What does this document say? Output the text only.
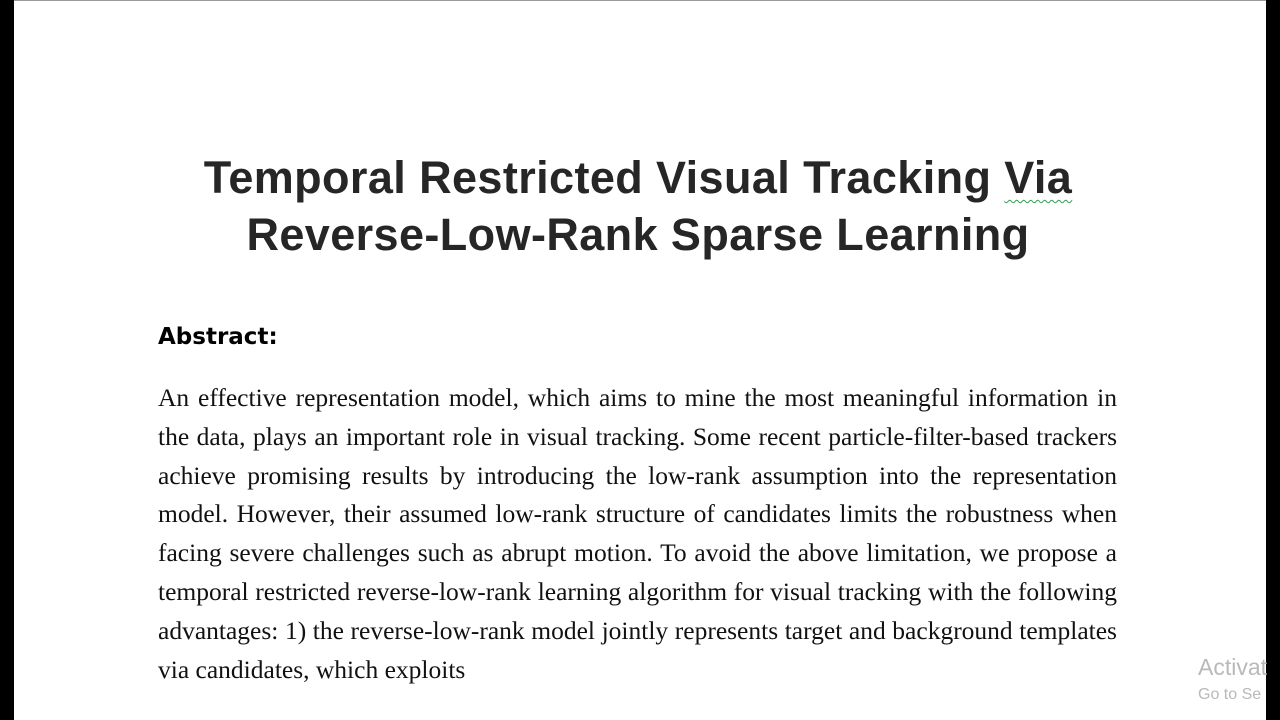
Temporal Restricted Visual Tracking Via
Reverse-Low-Rank Sparse Learning
Abstract:

An effective representation model, which aims to mine the most meaningful information in the data, plays an important role in visual tracking. Some recent particle-filter-based trackers achieve promising results by introducing the low-rank assumption into the representation model. However, their assumed low-rank structure of candidates limits the robustness when facing severe challenges such as abrupt motion. To avoid the above limitation, we propose a temporal restricted reverse-low-rank learning algorithm for visual tracking with the following advantages: 1) the reverse-low-rank model jointly represents target and background templates via candidates, which exploits	Activat
Go to Se
